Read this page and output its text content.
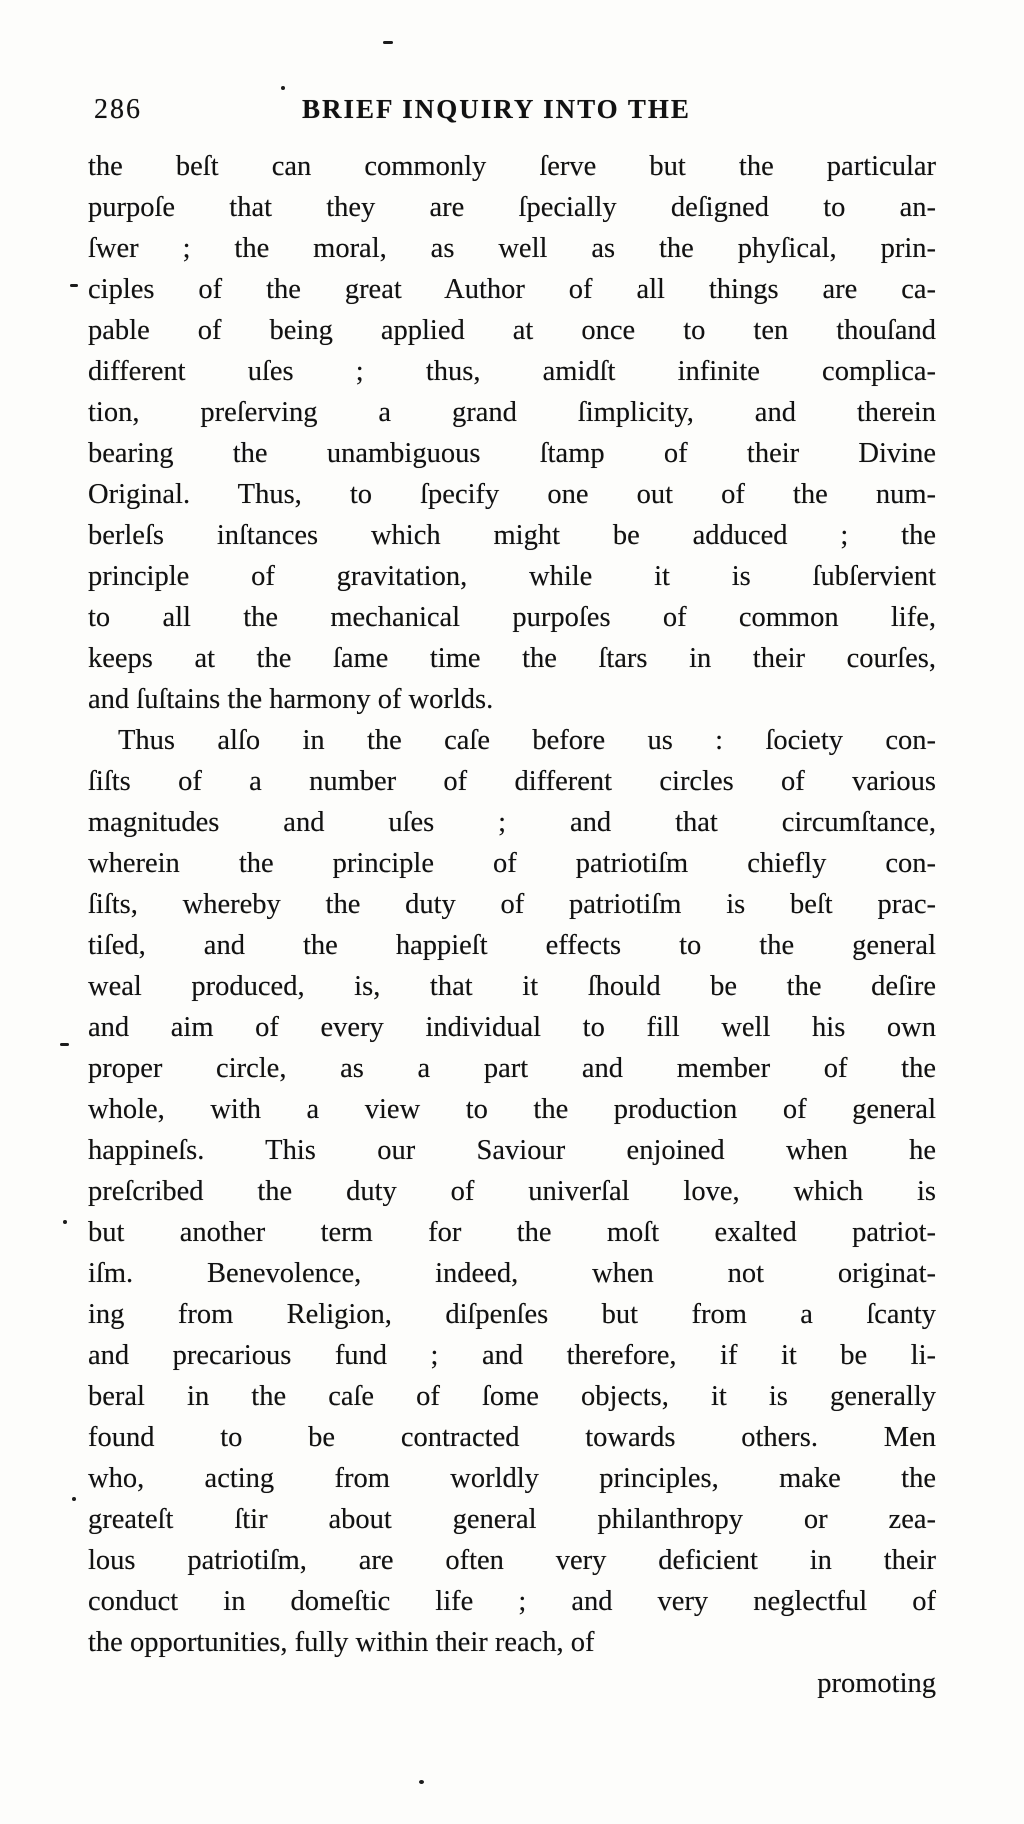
286	BRIEF INQUIRY INTO THE
the beſt can commonly ſerve but the particular
purpoſe that they are ſpecially deſigned to an-
ſwer ; the moral, as well as the phyſical, prin-
ciples of the great Author of all things are ca-
pable of being applied at once to ten thouſand
different uſes ; thus, amidſt infinite complica-
tion, preſerving a grand ſimplicity, and therein
bearing the unambiguous ſtamp of their Divine
Original. Thus, to ſpecify one out of the num-
berleſs inſtances which might be adduced ; the
principle of gravitation, while it is ſubſervient
to all the mechanical purpoſes of common life,
keeps at the ſame time the ſtars in their courſes,
and ſuſtains the harmony of worlds.
Thus alſo in the caſe before us : ſociety con-
ſiſts of a number of different circles of various
magnitudes and uſes ; and that circumſtance,
wherein the principle of patriotiſm chiefly con-
ſiſts, whereby the duty of patriotiſm is beſt prac-
tiſed, and the happieſt effects to the general
weal produced, is, that it ſhould be the deſire
and aim of every individual to fill well his own
proper circle, as a part and member of the
whole, with a view to the production of general
happineſs. This our Saviour enjoined when he
preſcribed the duty of univerſal love, which is
but another term for the moſt exalted patriot-
iſm. Benevolence, indeed, when not originat-
ing from Religion, diſpenſes but from a ſcanty
and precarious fund ; and therefore, if it be li-
beral in the caſe of ſome objects, it is generally
found to be contracted towards others. Men
who, acting from worldly principles, make the
greateſt ſtir about general philanthropy or zea-
lous patriotiſm, are often very deficient in their
conduct in domeſtic life ; and very neglectful of
the opportunities, fully within their reach, of
promoting
